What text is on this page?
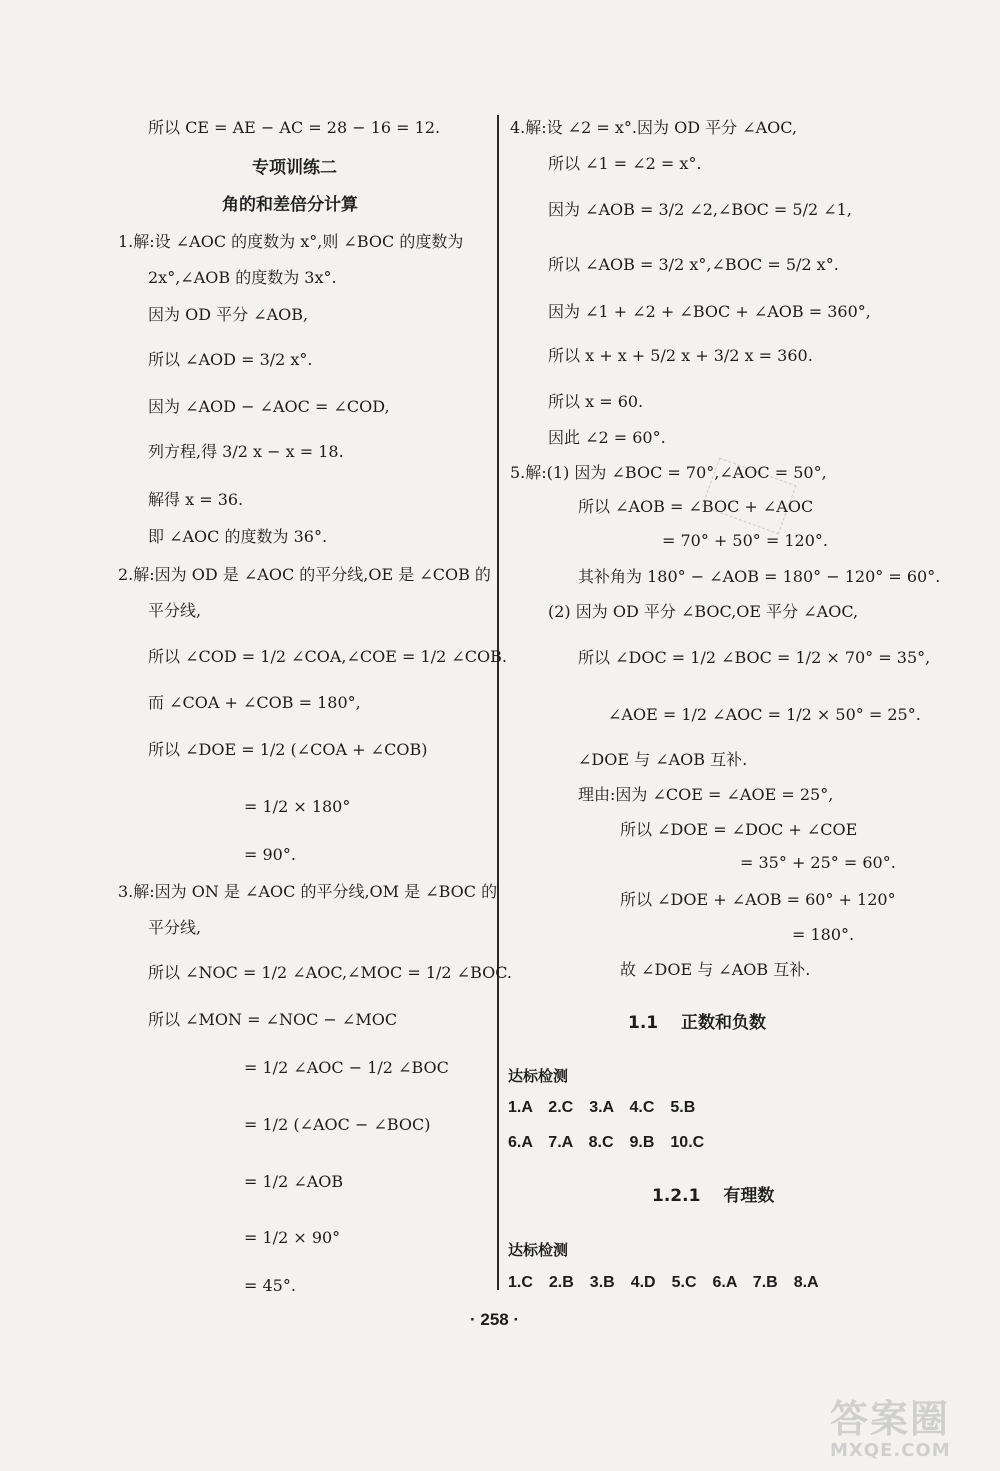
所以 CE = AE − AC = 28 − 16 = 12.
专项训练二
角的和差倍分计算
1.解:设 ∠AOC 的度数为 x°,则 ∠BOC 的度数为
2x°,∠AOB 的度数为 3x°.
因为 OD 平分 ∠AOB,
所以 ∠AOD = 3/2 x°.
因为 ∠AOD − ∠AOC = ∠COD,
列方程,得 3/2 x − x = 18.
解得 x = 36.
即 ∠AOC 的度数为 36°.
2.解:因为 OD 是 ∠AOC 的平分线,OE 是 ∠COB 的
平分线,
所以 ∠COD = 1/2 ∠COA,∠COE = 1/2 ∠COB.
而 ∠COA + ∠COB = 180°,
所以 ∠DOE = 1/2 (∠COA + ∠COB)
= 1/2 × 180°
= 90°.
3.解:因为 ON 是 ∠AOC 的平分线,OM 是 ∠BOC 的
平分线,
所以 ∠NOC = 1/2 ∠AOC,∠MOC = 1/2 ∠BOC.
所以 ∠MON = ∠NOC − ∠MOC
= 1/2 ∠AOC − 1/2 ∠BOC
= 1/2 (∠AOC − ∠BOC)
= 1/2 ∠AOB
= 1/2 × 90°
= 45°.
4.解:设 ∠2 = x°.因为 OD 平分 ∠AOC,
所以 ∠1 = ∠2 = x°.
因为 ∠AOB = 3/2 ∠2,∠BOC = 5/2 ∠1,
所以 ∠AOB = 3/2 x°,∠BOC = 5/2 x°.
因为 ∠1 + ∠2 + ∠BOC + ∠AOB = 360°,
所以 x + x + 5/2 x + 3/2 x = 360.
所以 x = 60.
因此 ∠2 = 60°.
5.解:(1) 因为 ∠BOC = 70°,∠AOC = 50°,
所以 ∠AOB = ∠BOC + ∠AOC
= 70° + 50° = 120°.
其补角为 180° − ∠AOB = 180° − 120° = 60°.
(2) 因为 OD 平分 ∠BOC,OE 平分 ∠AOC,
所以 ∠DOC = 1/2 ∠BOC = 1/2 × 70° = 35°,
∠AOE = 1/2 ∠AOC = 1/2 × 50° = 25°.
∠DOE 与 ∠AOB 互补.
理由:因为 ∠COE = ∠AOE = 25°,
所以 ∠DOE = ∠DOC + ∠COE
= 35° + 25° = 60°.
所以 ∠DOE + ∠AOB = 60° + 120°
= 180°.
故 ∠DOE 与 ∠AOB 互补.
1.1　 正数和负数
达标检测
1.A　2.C　3.A　4.C　5.B
6.A　7.A　8.C　9.B　10.C
1.2.1　 有理数
达标检测
1.C　2.B　3.B　4.D　5.C　6.A　7.B　8.A
· 258 ·
答案圈
MXQE.COM
